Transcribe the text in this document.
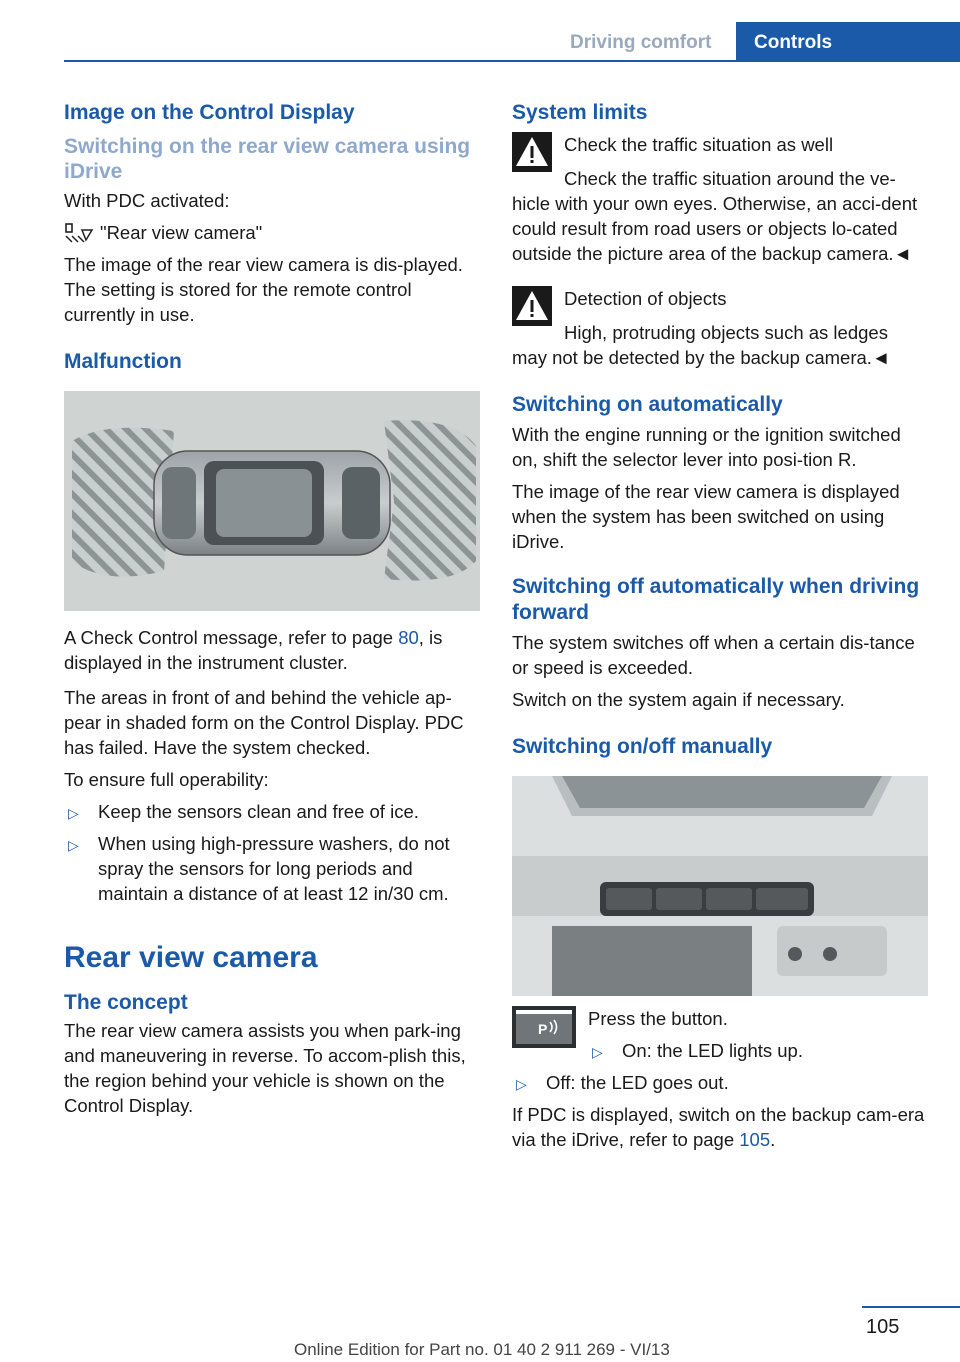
Driving comfort Controls
Image on the Control Display
Switching on the rear view camera using iDrive

With PDC activated:

"Rear view camera"

The image of the rear view camera is dis‐played. The setting is stored for the remote control currently in use.

Malfunction

A Check Control message, refer to page 80, is displayed in the instrument cluster.

The areas in front of and behind the vehicle ap‐pear in shaded form on the Control Display. PDC has failed. Have the system checked.

To ensure full operability:

▷ Keep the sensors clean and free of ice.
▷ When using high-pressure washers, do not spray the sensors for long periods and maintain a distance of at least 12 in/30 cm.
Rear view camera
The concept

The rear view camera assists you when park‐ing and maneuvering in reverse. To accom‐plish this, the region behind your vehicle is shown on the Control Display.

System limits

Check the traffic situation as well

Check the traffic situation around the ve‐hicle with your own eyes. Otherwise, an acci‐dent could result from road users or objects lo‐cated outside the picture area of the backup camera.◄

Detection of objects

High, protruding objects such as ledges may not be detected by the backup camera.◄

Switching on automatically

With the engine running or the ignition switched on, shift the selector lever into posi‐tion R.

The image of the rear view camera is displayed when the system has been switched on using iDrive.

Switching off automatically when driving forward

The system switches off when a certain dis‐tance or speed is exceeded.

Switch on the system again if necessary.

Switching on/off manually
P Press the button.

▷ On: the LED lights up.
▷ Off: the LED goes out.

If PDC is displayed, switch on the backup cam‐era via the iDrive, refer to page 105.

105
Online Edition for Part no. 01 40 2 911 269 - VI/13
